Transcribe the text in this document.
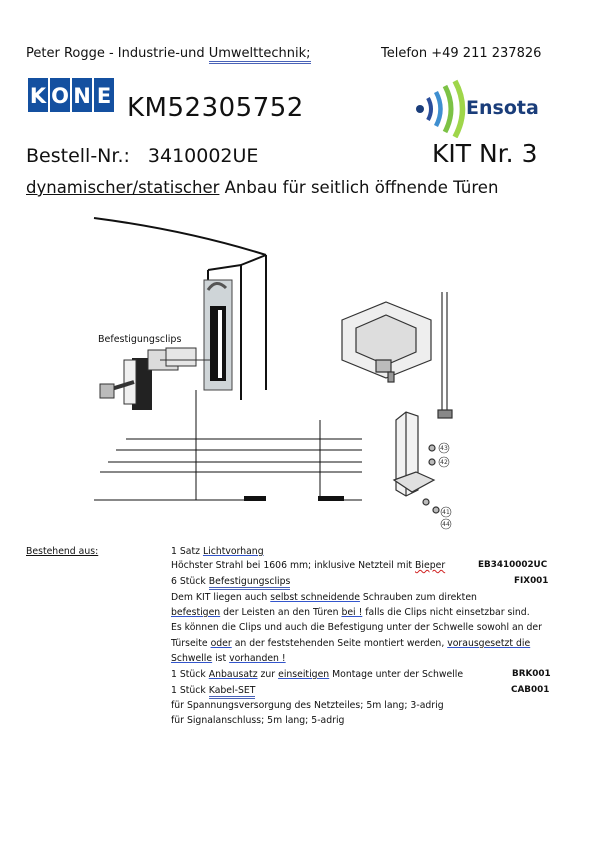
Peter Rogge - Industrie-und Umwelttechnik;	Telefon +49 211 237826
K O N E KM52305752	Ensota
Bestell-Nr.: 3410002UE	KIT Nr. 3
dynamischer/statischer Anbau für seitlich öffnende Türen
43
42
41
44
Befestigungsclips
Bestehend aus:	1 Satz Lichtvorhang
Höchster Strahl bei 1606 mm; inklusive Netzteil mit Bieper	EB3410002UC
6 Stück Befestigungsclips	FIX001
Dem KIT liegen auch selbst schneidende Schrauben zum direkten
befestigen der Leisten an den Türen bei ! falls die Clips nicht einsetzbar sind.
Es können die Clips und auch die Befestigung unter der Schwelle sowohl an der
Türseite oder an der feststehenden Seite montiert werden, vorausgesetzt die
Schwelle ist vorhanden !
1 Stück Anbausatz zur einseitigen Montage unter der Schwelle	BRK001
1 Stück Kabel-SET	CAB001
für Spannungsversorgung des Netzteiles; 5m lang; 3-adrig
für Signalanschluss; 5m lang; 5-adrig
